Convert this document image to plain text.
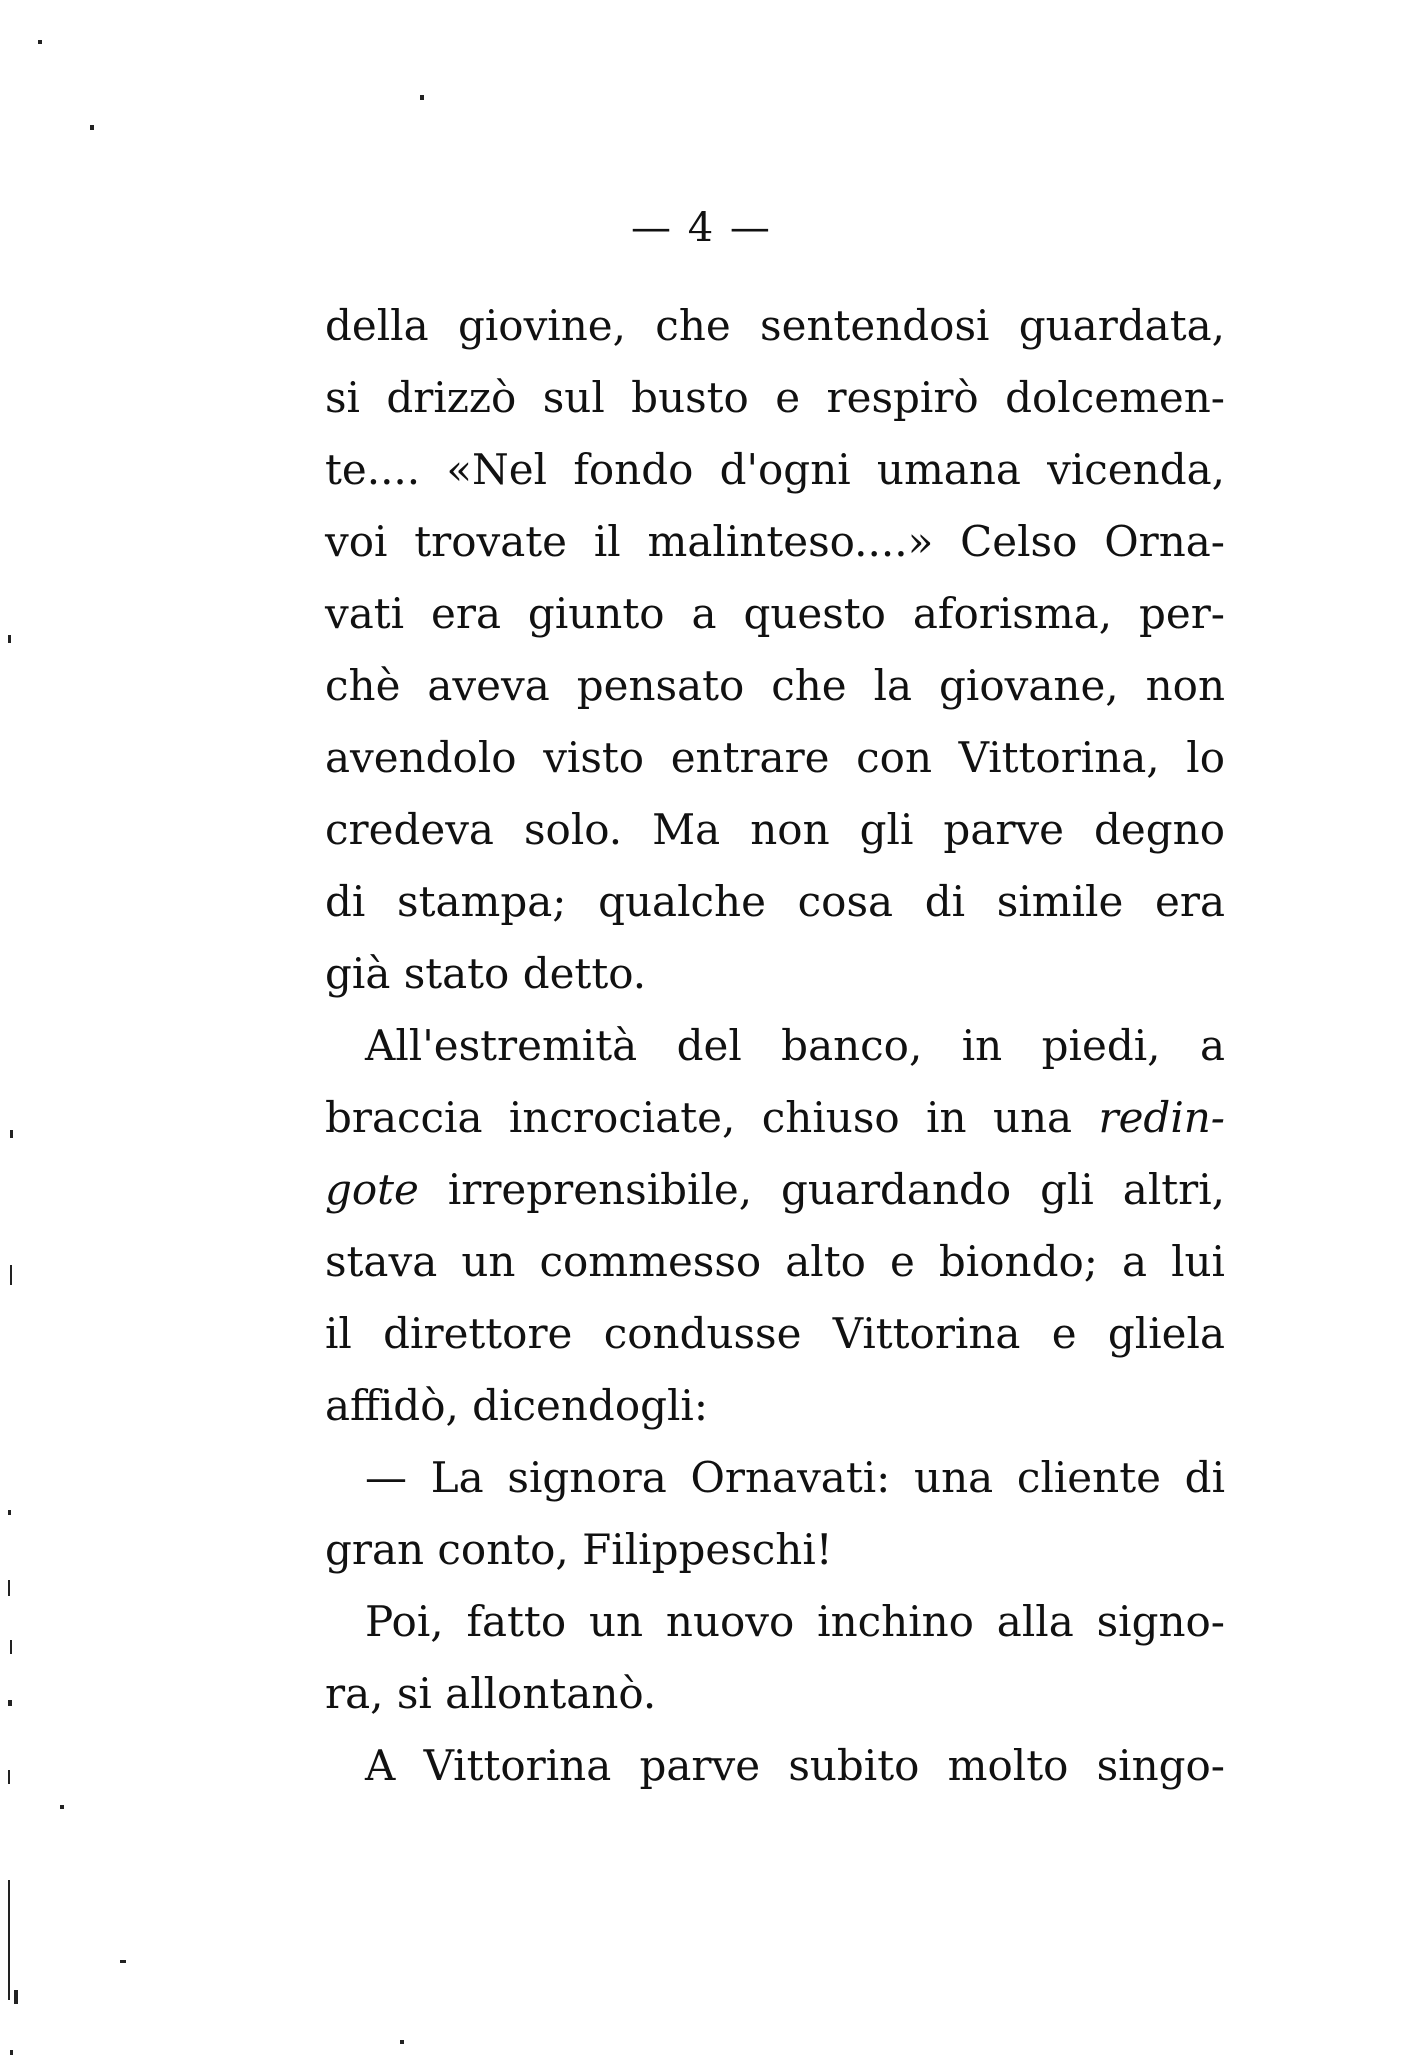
— 4 —
della giovine, che sentendosi guardata,
si drizzò sul busto e respirò dolcemen-
te.... «Nel fondo d'ogni umana vicenda,
voi trovate il malinteso....» Celso Orna-
vati era giunto a questo aforisma, per-
chè aveva pensato che la giovane, non
avendolo visto entrare con Vittorina, lo
credeva solo. Ma non gli parve degno
di stampa; qualche cosa di simile era
già stato detto.
All'estremità del banco, in piedi, a
braccia incrociate, chiuso in una redin-
gote irreprensibile, guardando gli altri,
stava un commesso alto e biondo; a lui
il direttore condusse Vittorina e gliela
affidò, dicendogli:
— La signora Ornavati: una cliente di
gran conto, Filippeschi!
Poi, fatto un nuovo inchino alla signo-
ra, si allontanò.
A Vittorina parve subito molto singo-
